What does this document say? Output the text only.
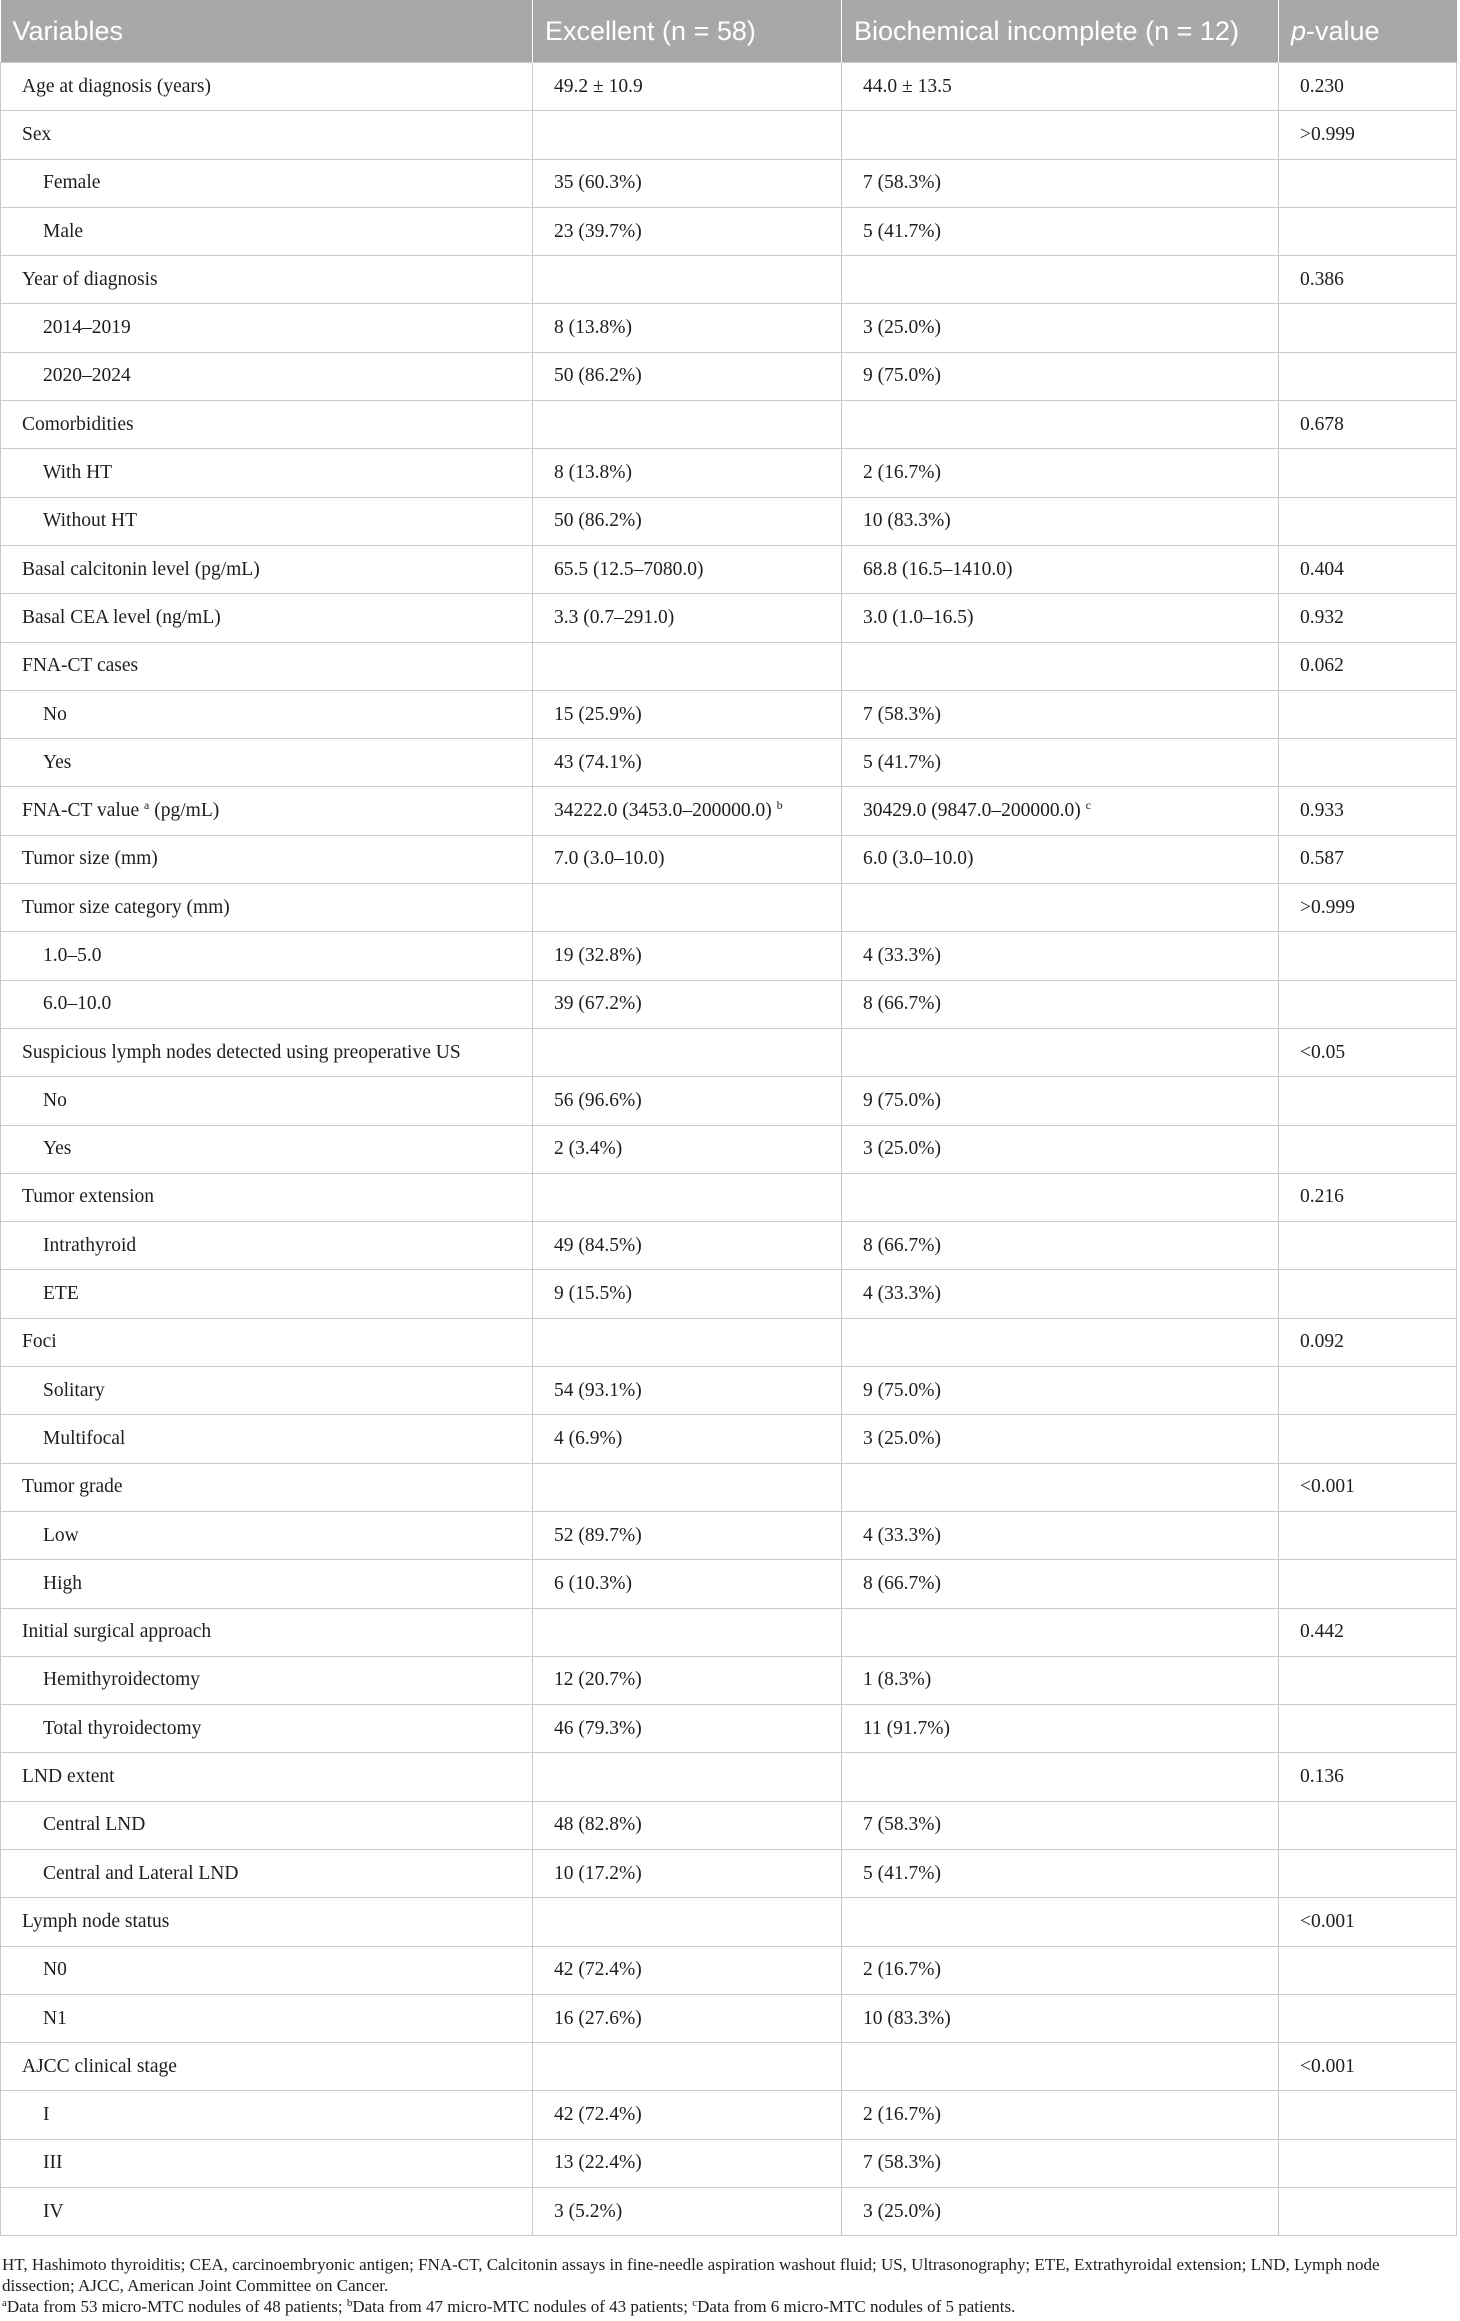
Variables	Excellent (n = 58)	Biochemical incomplete (n = 12)	p-value
Age at diagnosis (years)	49.2 ± 10.9	44.0 ± 13.5	0.230
Sex			>0.999
Female	35 (60.3%)	7 (58.3%)	
Male	23 (39.7%)	5 (41.7%)	
Year of diagnosis			0.386
2014–2019	8 (13.8%)	3 (25.0%)	
2020–2024	50 (86.2%)	9 (75.0%)	
Comorbidities			0.678
With HT	8 (13.8%)	2 (16.7%)	
Without HT	50 (86.2%)	10 (83.3%)	
Basal calcitonin level (pg/mL)	65.5 (12.5–7080.0)	68.8 (16.5–1410.0)	0.404
Basal CEA level (ng/mL)	3.3 (0.7–291.0)	3.0 (1.0–16.5)	0.932
FNA-CT cases			0.062
No	15 (25.9%)	7 (58.3%)	
Yes	43 (74.1%)	5 (41.7%)	
FNA-CT value $^a$ (pg/mL)	34222.0 (3453.0–200000.0) $^b$	30429.0 (9847.0–200000.0) $^c$	0.933
Tumor size (mm)	7.0 (3.0–10.0)	6.0 (3.0–10.0)	0.587
Tumor size category (mm)			>0.999
1.0–5.0	19 (32.8%)	4 (33.3%)	
6.0–10.0	39 (67.2%)	8 (66.7%)	
Suspicious lymph nodes detected using preoperative US			<0.05
No	56 (96.6%)	9 (75.0%)	
Yes	2 (3.4%)	3 (25.0%)	
Tumor extension			0.216
Intrathyroid	49 (84.5%)	8 (66.7%)	
ETE	9 (15.5%)	4 (33.3%)	
Foci			0.092
Solitary	54 (93.1%)	9 (75.0%)	
Multifocal	4 (6.9%)	3 (25.0%)	
Tumor grade			<0.001
Low	52 (89.7%)	4 (33.3%)	
High	6 (10.3%)	8 (66.7%)	
Initial surgical approach			0.442
Hemithyroidectomy	12 (20.7%)	1 (8.3%)	
Total thyroidectomy	46 (79.3%)	11 (91.7%)	
LND extent			0.136
Central LND	48 (82.8%)	7 (58.3%)	
Central and Lateral LND	10 (17.2%)	5 (41.7%)	
Lymph node status			<0.001
N0	42 (72.4%)	2 (16.7%)	
N1	16 (27.6%)	10 (83.3%)	
AJCC clinical stage			<0.001
I	42 (72.4%)	2 (16.7%)	
III	13 (22.4%)	7 (58.3%)	
IV	3 (5.2%)	3 (25.0%)	

HT, Hashimoto thyroiditis; CEA, carcinoembryonic antigen; FNA-CT, Calcitonin assays in fine-needle aspiration washout fluid; US, Ultrasonography; ETE, Extrathyroidal extension; LND, Lymph node dissection; AJCC, American Joint Committee on Cancer.

$^a$Data from 53 micro-MTC nodules of 48 patients; $^b$Data from 47 micro-MTC nodules of 43 patients; $^c$Data from 6 micro-MTC nodules of 5 patients.
